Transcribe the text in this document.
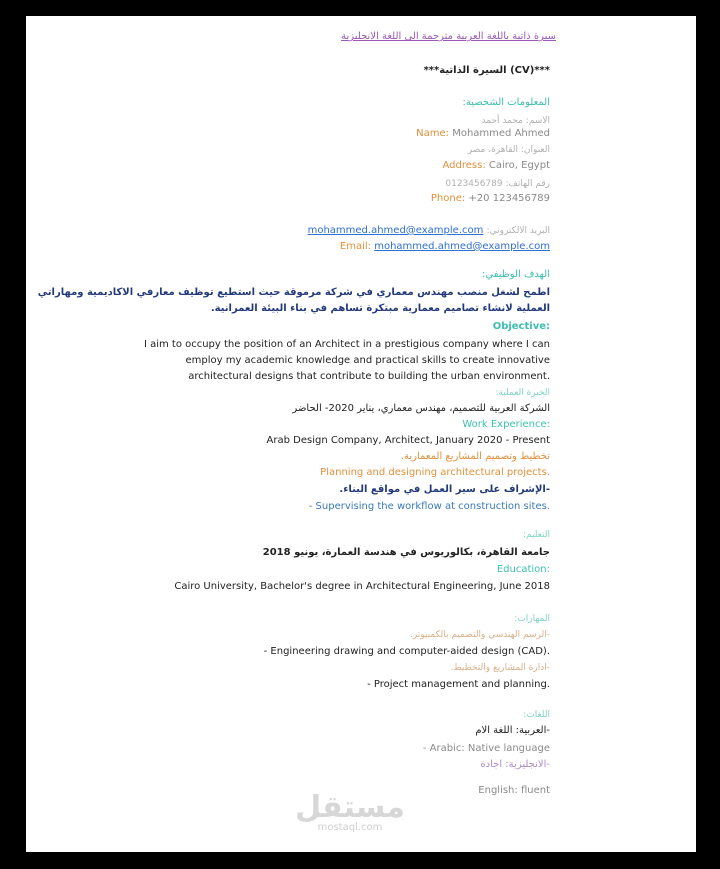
سيرة ذاتية باللغة العربية مترجمة الى اللغة الانجليزية
***السيرة الذاتية (CV)***
المعلومات الشخصية:
الاسم: محمد أحمد
Name: Mohammed Ahmed
العنوان: القاهرة، مصر
Address: Cairo, Egypt
رقم الهاتف: 0123456789
Phone: +20 123456789
البريد الالكتروني: mohammed.ahmed@example.com
Email: mohammed.ahmed@example.com
الهدف الوظيفي:
اطمح لشغل منصب مهندس معماري في شركة مرموقة حيث استطيع توظيف معارفي الاكاديمية ومهاراتي
العملية لانشاء تصاميم معمارية مبتكرة تساهم في بناء البيئة العمرانية.
Objective:
I aim to occupy the position of an Architect in a prestigious company where I can
employ my academic knowledge and practical skills to create innovative
architectural designs that contribute to building the urban environment.
الخبرة العملية:
الشركة العربية للتصميم، مهندس معماري، يناير 2020- الحاضر
Work Experience:
Arab Design Company, Architect, January 2020 - Present
تخطيط وتصميم المشاريع المعمارية.
Planning and designing architectural projects.
-الإشراف على سير العمل في مواقع البناء.
- Supervising the workflow at construction sites.
التعليم:
جامعة القاهرة، بكالوريوس في هندسة العمارة، يونيو 2018
Education:
Cairo University, Bachelor's degree in Architectural Engineering, June 2018
المهارات:
-الرسم الهندسي والتصميم بالكمبيوتر.
- Engineering drawing and computer-aided design (CAD).
-ادارة المشاريع والتخطيط.
- Project management and planning.
اللغات:
-العربية: اللغة الام
- Arabic: Native language
-الانجليزية: اجادة
English: fluent
مستقل
mostaql.com
